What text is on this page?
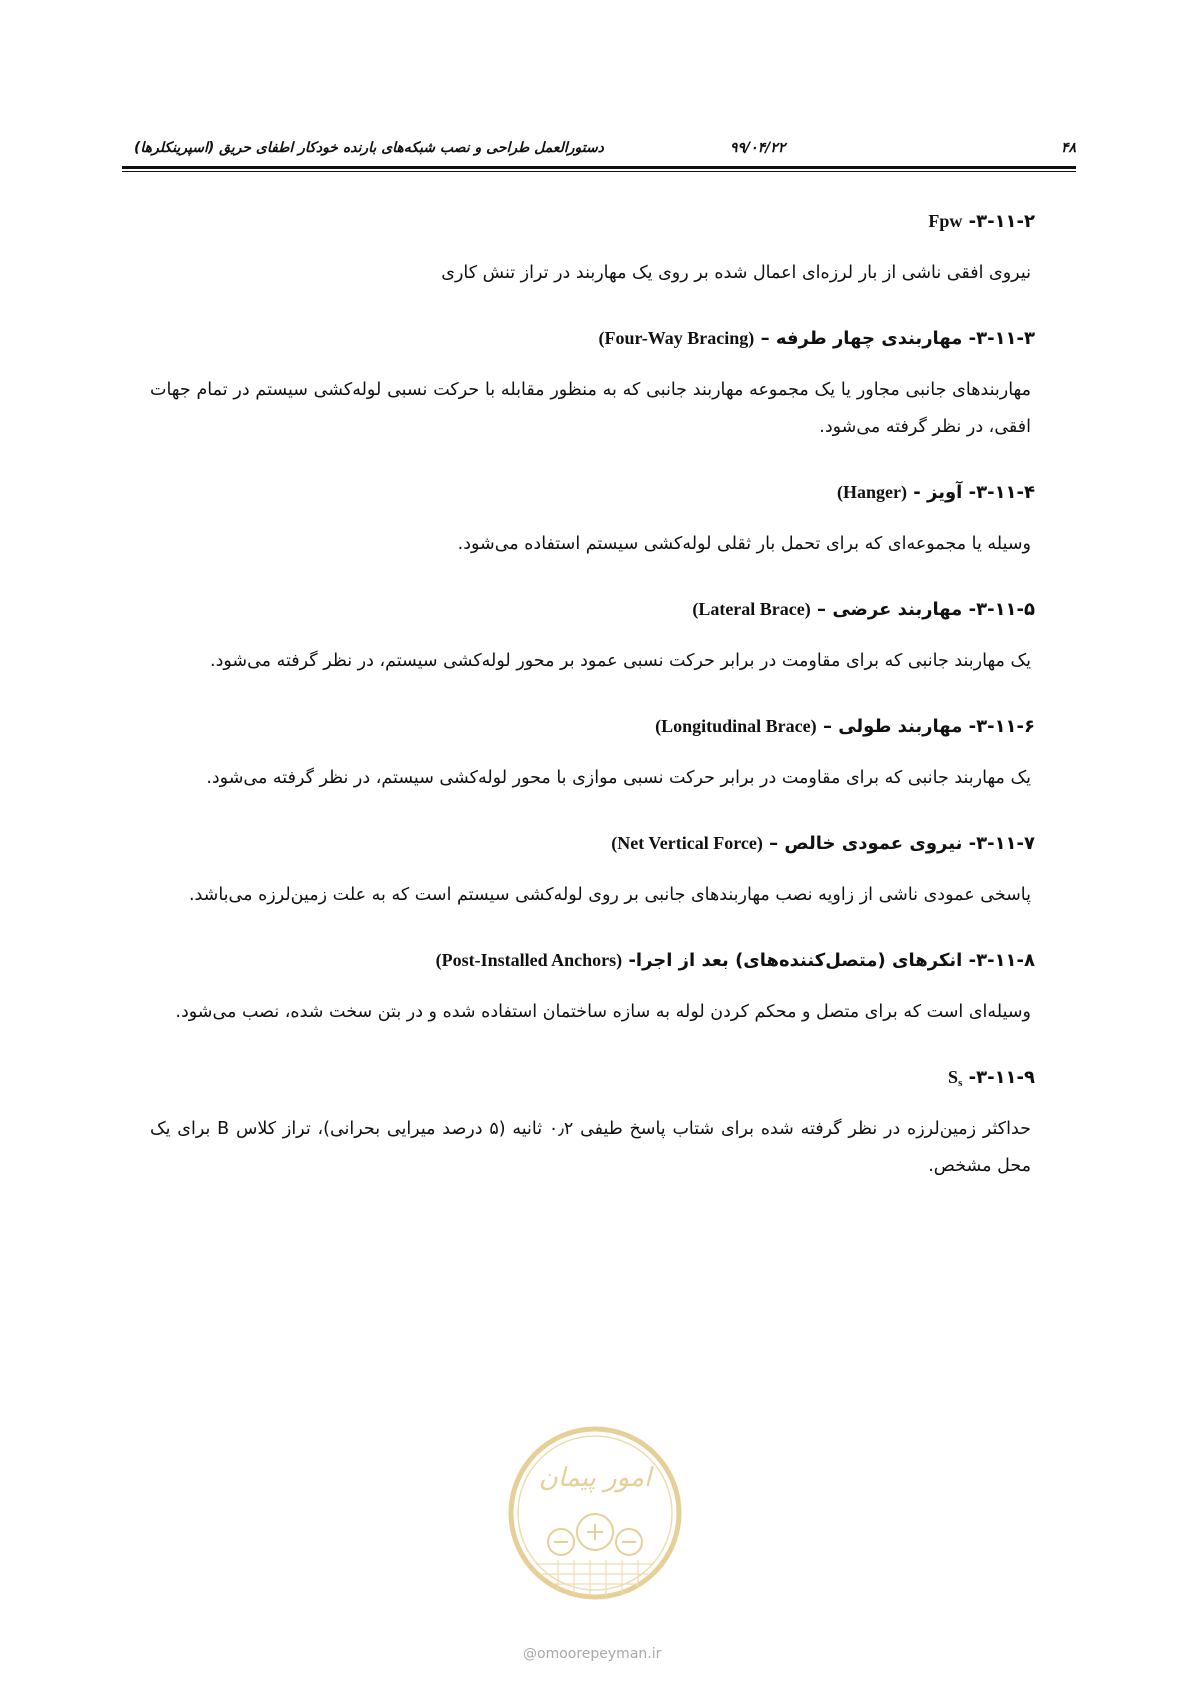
۴۸
۹۹/۰۴/۲۲
دستورالعمل طراحی و نصب شبکه‌های بارنده خودکار اطفای حریق (اسپرینکلرها)
۳-۱۱-۲- Fpw

نیروی افقی ناشی از بار لرزه‌ای اعمال شده بر روی یک مهاربند در تراز تنش کاری

۳-۱۱-۳- مهاربندی چهار طرفه – (Four-Way Bracing)

مهاربندهای جانبی مجاور یا یک مجموعه مهاربند جانبی که به منظور مقابله با حرکت نسبی لوله‌کشی سیستم در تمام جهات افقی، در نظر گرفته می‌شود.

۳-۱۱-۴- آویز - (Hanger)

وسیله یا مجموعه‌ای که برای تحمل بار ثقلی لوله‌کشی سیستم استفاده می‌شود.

۳-۱۱-۵- مهاربند عرضی – (Lateral Brace)

یک مهاربند جانبی که برای مقاومت در برابر حرکت نسبی عمود بر محور لوله‌کشی سیستم، در نظر گرفته می‌شود.

۳-۱۱-۶- مهاربند طولی – (Longitudinal Brace)

یک مهاربند جانبی که برای مقاومت در برابر حرکت نسبی موازی با محور لوله‌کشی سیستم، در نظر گرفته می‌شود.

۳-۱۱-۷- نیروی عمودی خالص – (Net Vertical Force)

پاسخی عمودی ناشی از زاویه نصب مهاربندهای جانبی بر روی لوله‌کشی سیستم است که به علت زمین‌لرزه می‌باشد.

۳-۱۱-۸- انکرهای (متصل‌کننده‌های) بعد از اجرا- (Post-Installed Anchors)

وسیله‌ای است که برای متصل و محکم کردن لوله به سازه ساختمان استفاده شده و در بتن سخت شده، نصب می‌شود.

۳-۱۱-۹- $S_s$

حداکثر زمین‌لرزه در نظر گرفته شده برای شتاب پاسخ طیفی ۰٫۲ ثانیه (۵ درصد میرایی بحرانی)، تراز کلاس B برای یک محل مشخص.

امور پیمان
@omoorepeyman.ir
